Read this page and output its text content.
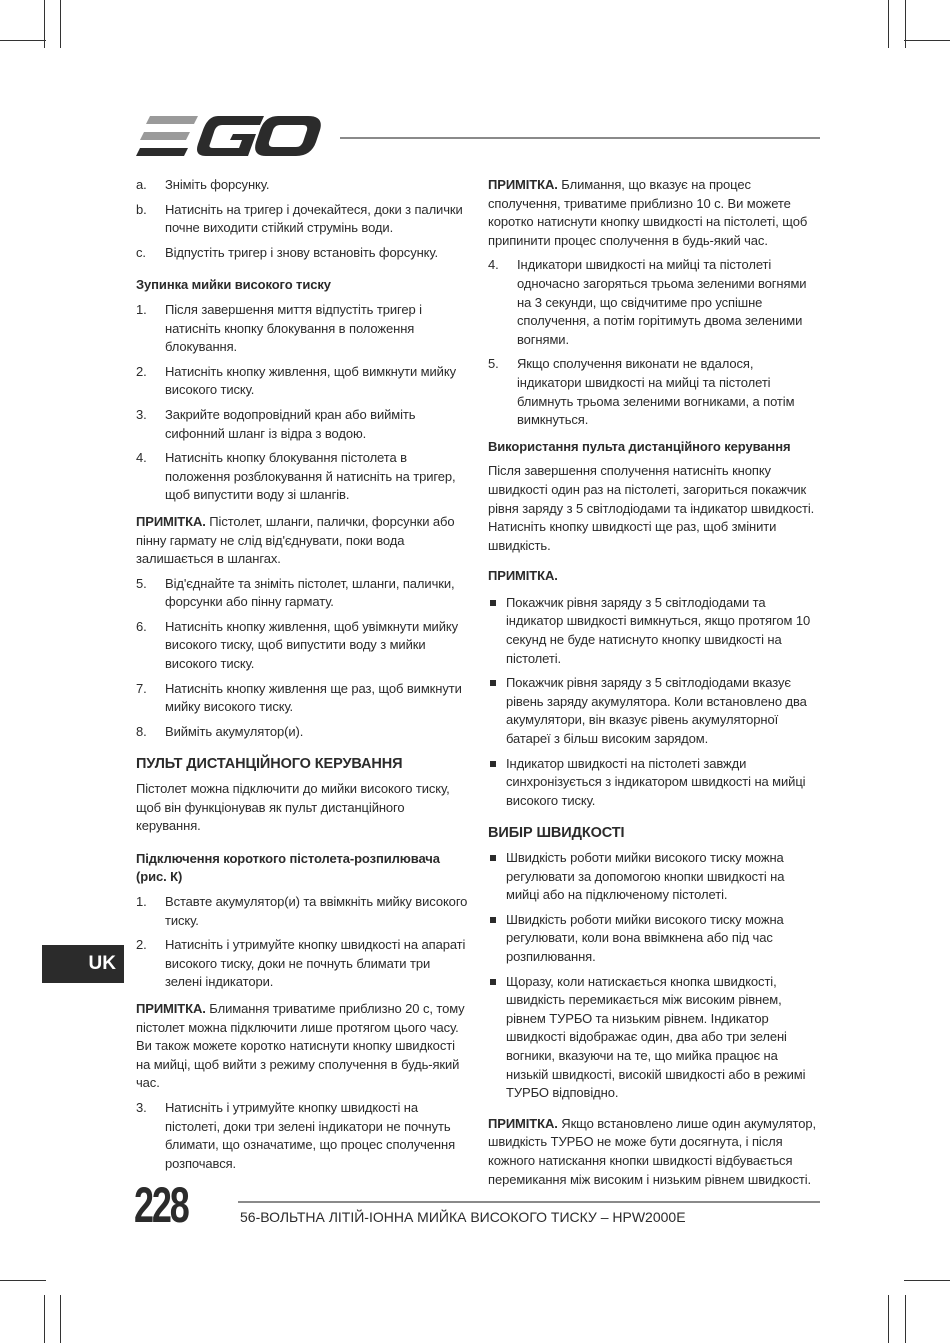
a.	Зніміть форсунку.
b.	Натисніть на тригер і дочекайтеся, доки з палички почне виходити стійкий струмінь води.
c.	Відпустіть тригер і знову встановіть форсунку.
Зупинка мийки високого тиску
1.	Після завершення миття відпустіть тригер і натисніть кнопку блокування в положення блокування.
2.	Натисніть кнопку живлення, щоб вимкнути мийку високого тиску.
3.	Закрийте водопровідний кран або вийміть сифонний шланг із відра з водою.
4.	Натисніть кнопку блокування пістолета в положення розблокування й натисніть на тригер, щоб випустити воду зі шлангів.
ПРИМІТКА. Пістолет, шланги, палички, форсунки або пінну гармату не слід від'єднувати, поки вода залишається в шлангах.
5.	Від'єднайте та зніміть пістолет, шланги, палички, форсунки або пінну гармату.
6.	Натисніть кнопку живлення, щоб увімкнути мийку високого тиску, щоб випустити воду з мийки високого тиску.
7.	Натисніть кнопку живлення ще раз, щоб вимкнути мийку високого тиску.
8.	Вийміть акумулятор(и).
ПУЛЬТ ДИСТАНЦІЙНОГО КЕРУВАННЯ
Пістолет можна підключити до мийки високого тиску, щоб він функціонував як пульт дистанційного керування.
Підключення короткого пістолета-розпилювача (рис. К)
1.	Вставте акумулятор(и) та ввімкніть мийку високого тиску.
2.	Натисніть і утримуйте кнопку швидкості на апараті високого тиску, доки не почнуть блимати три зелені індикатори.
ПРИМІТКА. Блимання триватиме приблизно 20 с, тому пістолет можна підключити лише протягом цього часу. Ви також можете коротко натиснути кнопку швидкості на мийці, щоб вийти з режиму сполучення в будь-який час.
3.	Натисніть і утримуйте кнопку швидкості на пістолеті, доки три зелені індикатори не почнуть блимати, що означатиме, що процес сполучення розпочався.
ПРИМІТКА. Блимання, що вказує на процес сполучення, триватиме приблизно 10 с. Ви можете коротко натиснути кнопку швидкості на пістолеті, щоб припинити процес сполучення в будь-який час.
4.	Індикатори швидкості на мийці та пістолеті одночасно загоряться трьома зеленими вогнями на 3 секунди, що свідчитиме про успішне сполучення, а потім горітимуть двома зеленими вогнями.
5.	Якщо сполучення виконати не вдалося, індикатори швидкості на мийці та пістолеті блимнуть трьома зеленими вогниками, а потім вимкнуться.
Використання пульта дистанційного керування
Після завершення сполучення натисніть кнопку швидкості один раз на пістолеті, загориться покажчик рівня заряду з 5 світлодіодами та індикатор швидкості. Натисніть кнопку швидкості ще раз, щоб змінити швидкість.
ПРИМІТКА.
Покажчик рівня заряду з 5 світлодіодами та індикатор швидкості вимкнуться, якщо протягом 10 секунд не буде натиснуто кнопку швидкості на пістолеті.
Покажчик рівня заряду з 5 світлодіодами вказує рівень заряду акумулятора. Коли встановлено два акумулятори, він вказує рівень акумуляторної батареї з більш високим зарядом.
Індикатор швидкості на пістолеті завжди синхронізується з індикатором швидкості на мийці високого тиску.
ВИБІР ШВИДКОСТІ
Швидкість роботи мийки високого тиску можна регулювати за допомогою кнопки швидкості на мийці або на підключеному пістолеті.
Швидкість роботи мийки високого тиску можна регулювати, коли вона ввімкнена або під час розпилювання.
Щоразу, коли натискається кнопка швидкості, швидкість перемикається між високим рівнем, рівнем ТУРБО та низьким рівнем. Індикатор швидкості відображає один, два або три зелені вогники, вказуючи на те, що мийка працює на низькій швидкості, високій швидкості або в режимі ТУРБО відповідно.
ПРИМІТКА. Якщо встановлено лише один акумулятор, швидкість ТУРБО не може бути досягнута, і після кожного натискання кнопки швидкості відбувається перемикання між високим і низьким рівнем швидкості.
UK
228	56-ВОЛЬТНА ЛІТІЙ-ІОННА МИЙКА ВИСОКОГО ТИСКУ – HPW2000E
